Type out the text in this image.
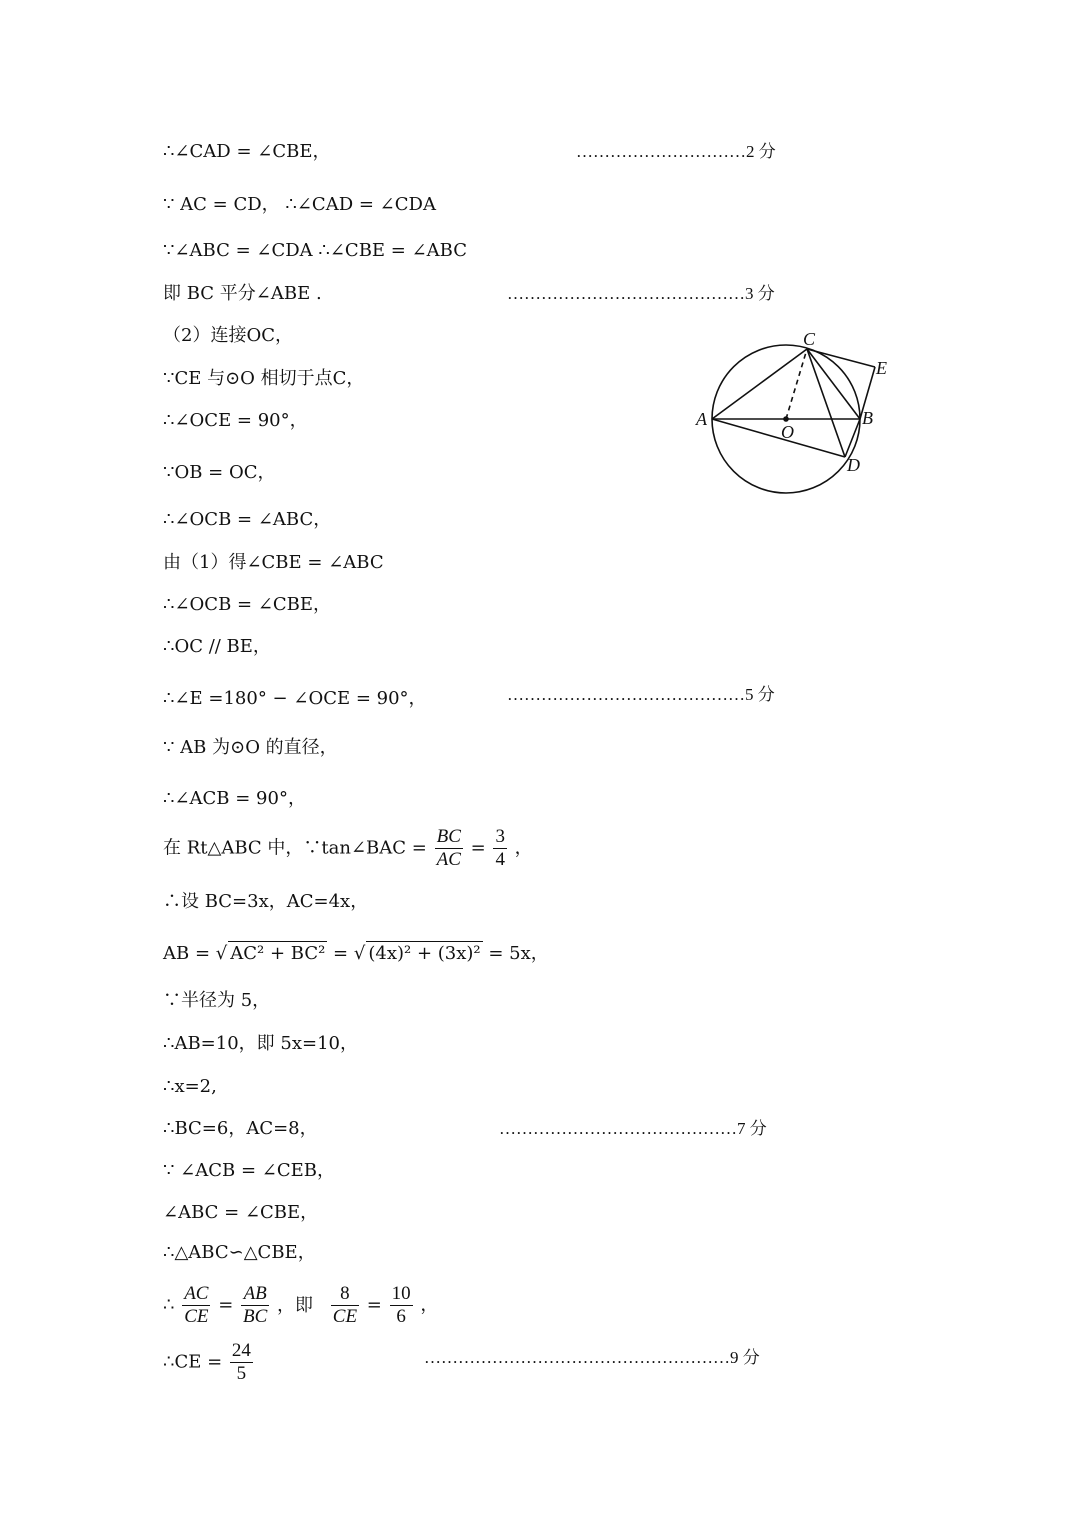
∴∠CAD = ∠CBE，	…………………………2 分
∵ AC = CD， ∴∠CAD = ∠CDA
∵∠ABC = ∠CDA ∴∠CBE = ∠ABC
即 BC 平分∠ABE .	……………………………………3 分
（2）连接OC，
∵CE 与⊙O 相切于点C，
∴∠OCE = 90°，
∵OB = OC，
∴∠OCB = ∠ABC，
由（1）得∠CBE = ∠ABC
∴∠OCB = ∠CBE，
∴OC // BE，
∴∠E =180° − ∠OCE = 90°，	……………………………………5 分
∵ AB 为⊙O 的直径，
∴∠ACB = 90°，
在 Rt△ABC 中，∵tan∠BAC = $\frac{BC}{AC} = \frac{3}{4}$ ，
∴设 BC=3x，AC=4x，
AB = √ AC² + BC² = √ (4x)² + (3x)² = 5x，
∵半径为 5，
∴AB=10，即 5x=10，
∴x=2,
∴BC=6，AC=8，	……………………………………7 分
∵ ∠ACB = ∠CEB，
∠ABC = ∠CBE，
∴△ABC∽△CBE，
∴ $\frac{AC}{CE} = \frac{AB}{BC}$ ，即 $\frac{8}{CE} = \frac{10}{6}$ ，
∴CE = $\frac{24}{5}$	………………………………………………9 分
A	B
C
D
E
O
